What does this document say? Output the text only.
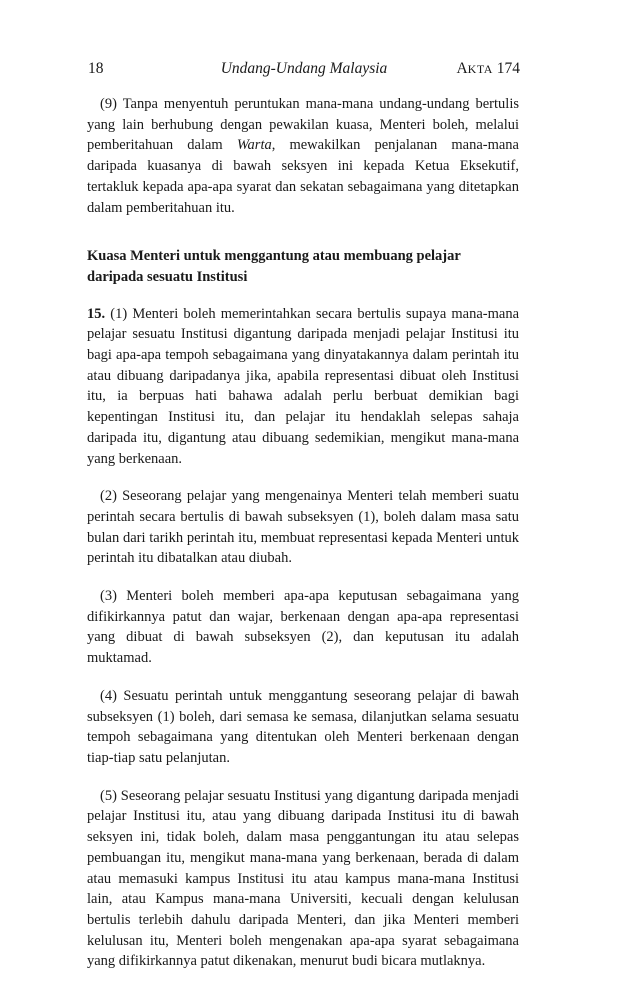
18	Undang-Undang Malaysia	AKTA 174

(9) Tanpa menyentuh peruntukan mana-mana undang-undang bertulis yang lain berhubung dengan pewakilan kuasa, Menteri boleh, melalui pemberitahuan dalam Warta, mewakilkan penjalanan mana-mana daripada kuasanya di bawah seksyen ini kepada Ketua Eksekutif, tertakluk kepada apa-apa syarat dan sekatan sebagaimana yang ditetapkan dalam pemberitahuan itu.

Kuasa Menteri untuk menggantung atau membuang pelajar daripada sesuatu Institusi

15. (1) Menteri boleh memerintahkan secara bertulis supaya mana-mana pelajar sesuatu Institusi digantung daripada menjadi pelajar Institusi itu bagi apa-apa tempoh sebagaimana yang dinyatakannya dalam perintah itu atau dibuang daripadanya jika, apabila representasi dibuat oleh Institusi itu, ia berpuas hati bahawa adalah perlu berbuat demikian bagi kepentingan Institusi itu, dan pelajar itu hendaklah selepas sahaja daripada itu, digantung atau dibuang sedemikian, mengikut mana-mana yang berkenaan.

(2) Seseorang pelajar yang mengenainya Menteri telah memberi suatu perintah secara bertulis di bawah subseksyen (1), boleh dalam masa satu bulan dari tarikh perintah itu, membuat representasi kepada Menteri untuk perintah itu dibatalkan atau diubah.

(3) Menteri boleh memberi apa-apa keputusan sebagaimana yang difikirkannya patut dan wajar, berkenaan dengan apa-apa representasi yang dibuat di bawah subseksyen (2), dan keputusan itu adalah muktamad.

(4) Sesuatu perintah untuk menggantung seseorang pelajar di bawah subseksyen (1) boleh, dari semasa ke semasa, dilanjutkan selama sesuatu tempoh sebagaimana yang ditentukan oleh Menteri berkenaan dengan tiap-tiap satu pelanjutan.

(5) Seseorang pelajar sesuatu Institusi yang digantung daripada menjadi pelajar Institusi itu, atau yang dibuang daripada Institusi itu di bawah seksyen ini, tidak boleh, dalam masa penggantungan itu atau selepas pembuangan itu, mengikut mana-mana yang berkenaan, berada di dalam atau memasuki kampus Institusi itu atau kampus mana-mana Institusi lain, atau Kampus mana-mana Universiti, kecuali dengan kelulusan bertulis terlebih dahulu daripada Menteri, dan jika Menteri memberi kelulusan itu, Menteri boleh mengenakan apa-apa syarat sebagaimana yang difikirkannya patut dikenakan, menurut budi bicara mutlaknya.
